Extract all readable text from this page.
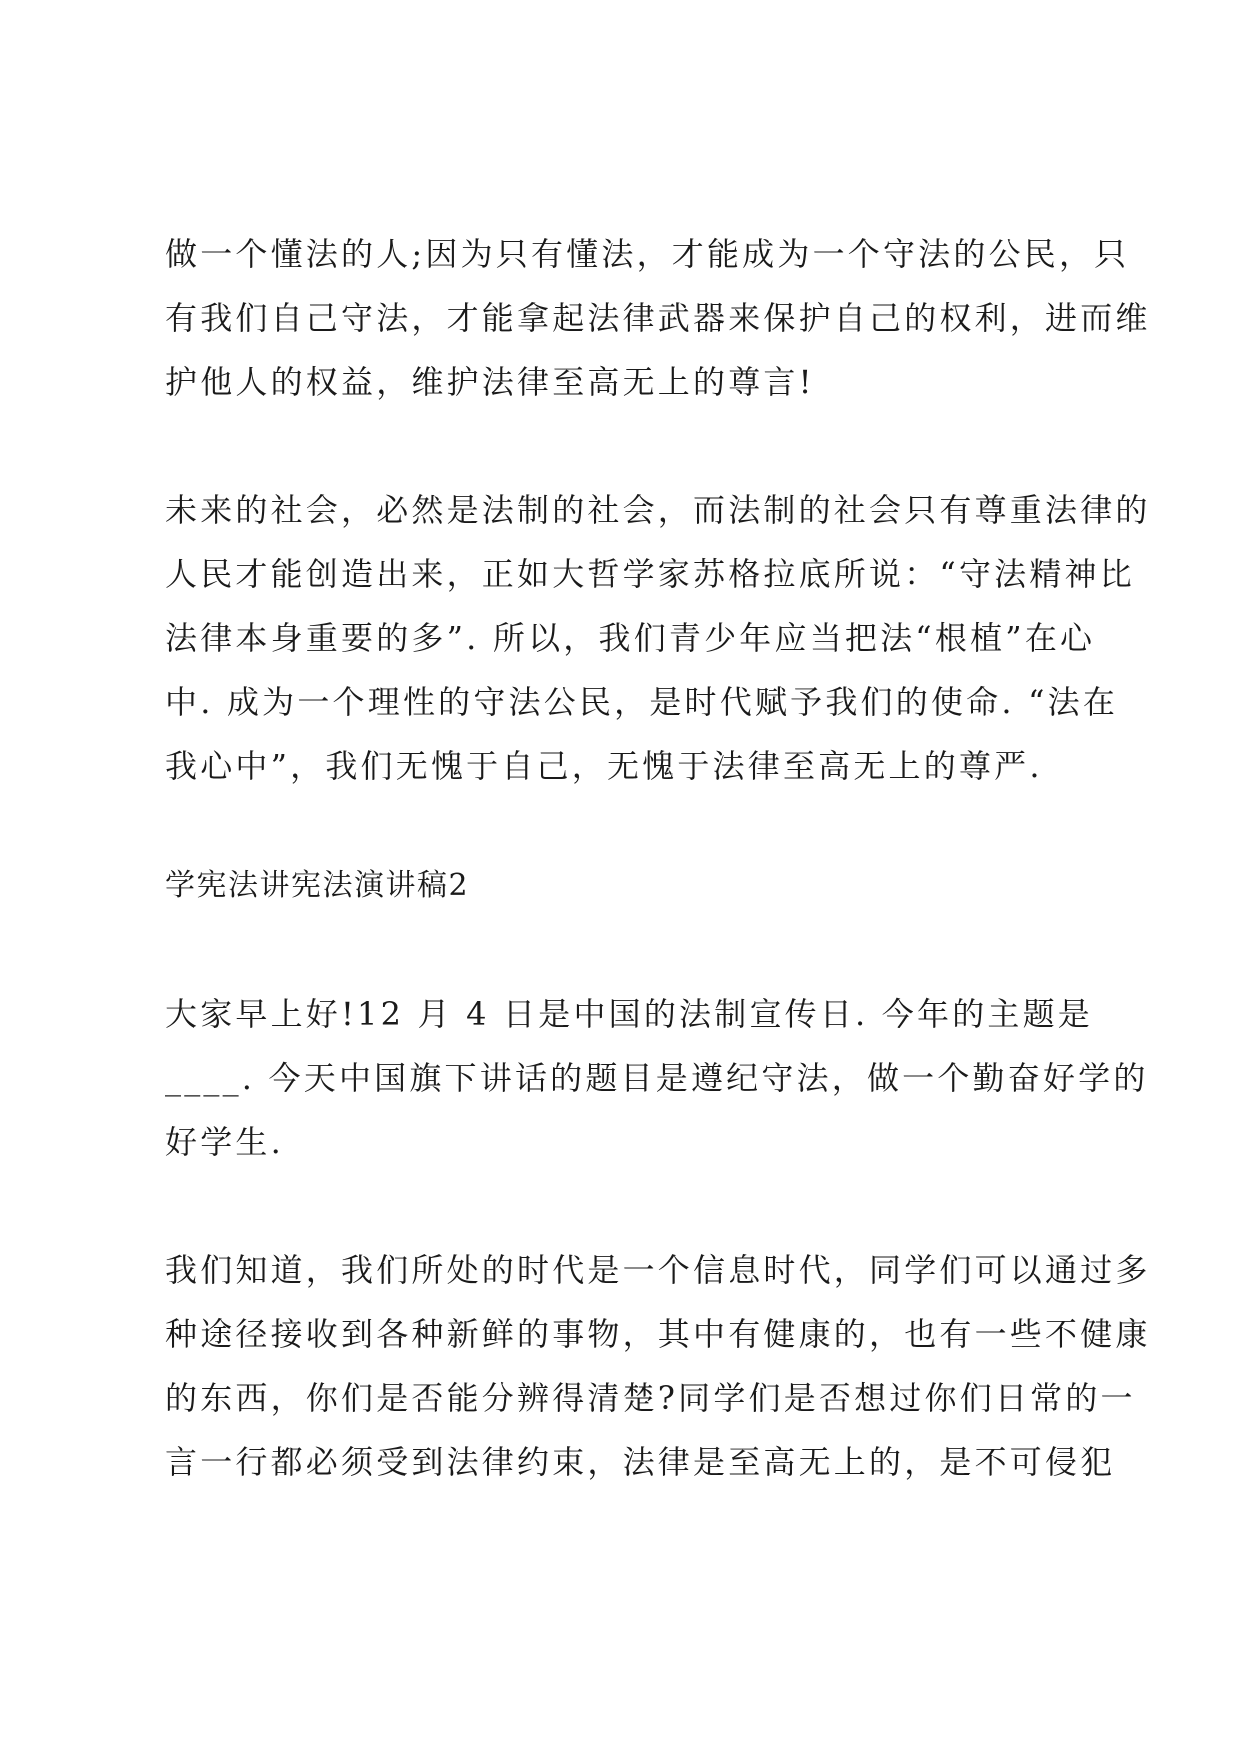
做一个懂法的人;因为只有懂法，才能成为一个守法的公民，只
有我们自己守法，才能拿起法律武器来保护自己的权利，进而维
护他人的权益，维护法律至高无上的尊言!
未来的社会，必然是法制的社会，而法制的社会只有尊重法律的
人民才能创造出来，正如大哲学家苏格拉底所说：“守法精神比
法律本身重要的多”. 所以，我们青少年应当把法“根植”在心
中. 成为一个理性的守法公民，是时代赋予我们的使命. “法在
我心中”，我们无愧于自己，无愧于法律至高无上的尊严.
学宪法讲宪法演讲稿2
大家早上好!12 月 4 日是中国的法制宣传日. 今年的主题是
____. 今天中国旗下讲话的题目是遵纪守法，做一个勤奋好学的
好学生.
我们知道，我们所处的时代是一个信息时代，同学们可以通过多
种途径接收到各种新鲜的事物，其中有健康的，也有一些不健康
的东西，你们是否能分辨得清楚?同学们是否想过你们日常的一
言一行都必须受到法律约束，法律是至高无上的，是不可侵犯
